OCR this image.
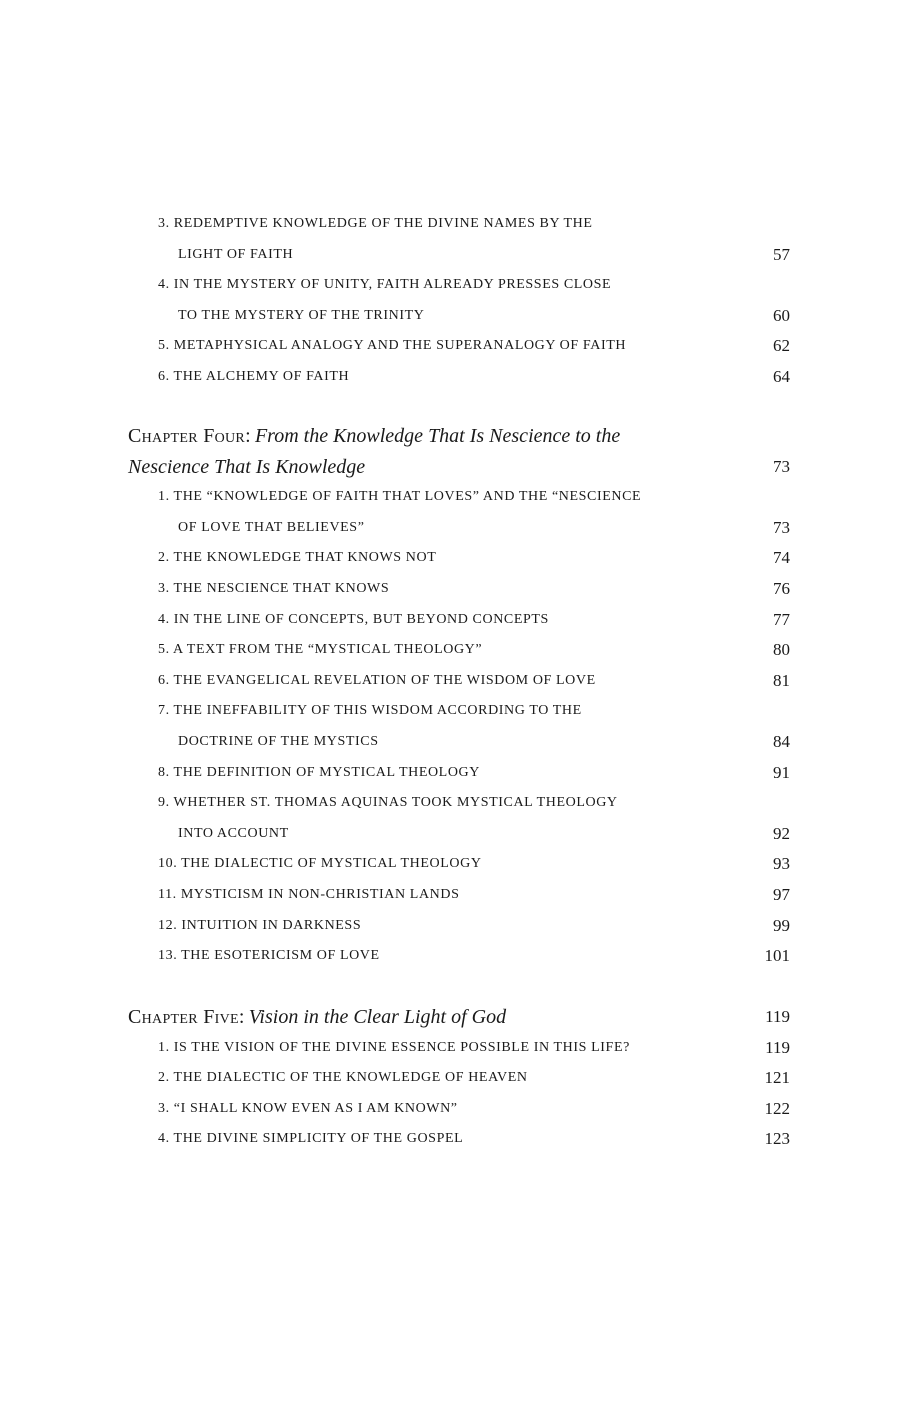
3. REDEMPTIVE KNOWLEDGE OF THE DIVINE NAMES BY THE
LIGHT OF FAITH	57
4. IN THE MYSTERY OF UNITY, FAITH ALREADY PRESSES CLOSE
TO THE MYSTERY OF THE TRINITY	60
5. METAPHYSICAL ANALOGY AND THE SUPERANALOGY OF FAITH	62
6. THE ALCHEMY OF FAITH	64
Chapter Four: From the Knowledge That Is Nescience to the
Nescience That Is Knowledge	73
1. THE “KNOWLEDGE OF FAITH THAT LOVES” AND THE “NESCIENCE
OF LOVE THAT BELIEVES”	73
2. THE KNOWLEDGE THAT KNOWS NOT	74
3. THE NESCIENCE THAT KNOWS	76
4. IN THE LINE OF CONCEPTS, BUT BEYOND CONCEPTS	77
5. A TEXT FROM THE “MYSTICAL THEOLOGY”	80
6. THE EVANGELICAL REVELATION OF THE WISDOM OF LOVE	81
7. THE INEFFABILITY OF THIS WISDOM ACCORDING TO THE
DOCTRINE OF THE MYSTICS	84
8. THE DEFINITION OF MYSTICAL THEOLOGY	91
9. WHETHER ST. THOMAS AQUINAS TOOK MYSTICAL THEOLOGY
INTO ACCOUNT	92
10. THE DIALECTIC OF MYSTICAL THEOLOGY	93
11. MYSTICISM IN NON-CHRISTIAN LANDS	97
12. INTUITION IN DARKNESS	99
13. THE ESOTERICISM OF LOVE	101
Chapter Five: Vision in the Clear Light of God	119
1. IS THE VISION OF THE DIVINE ESSENCE POSSIBLE IN THIS LIFE?	119
2. THE DIALECTIC OF THE KNOWLEDGE OF HEAVEN	121
3. “I SHALL KNOW EVEN AS I AM KNOWN”	122
4. THE DIVINE SIMPLICITY OF THE GOSPEL	123
